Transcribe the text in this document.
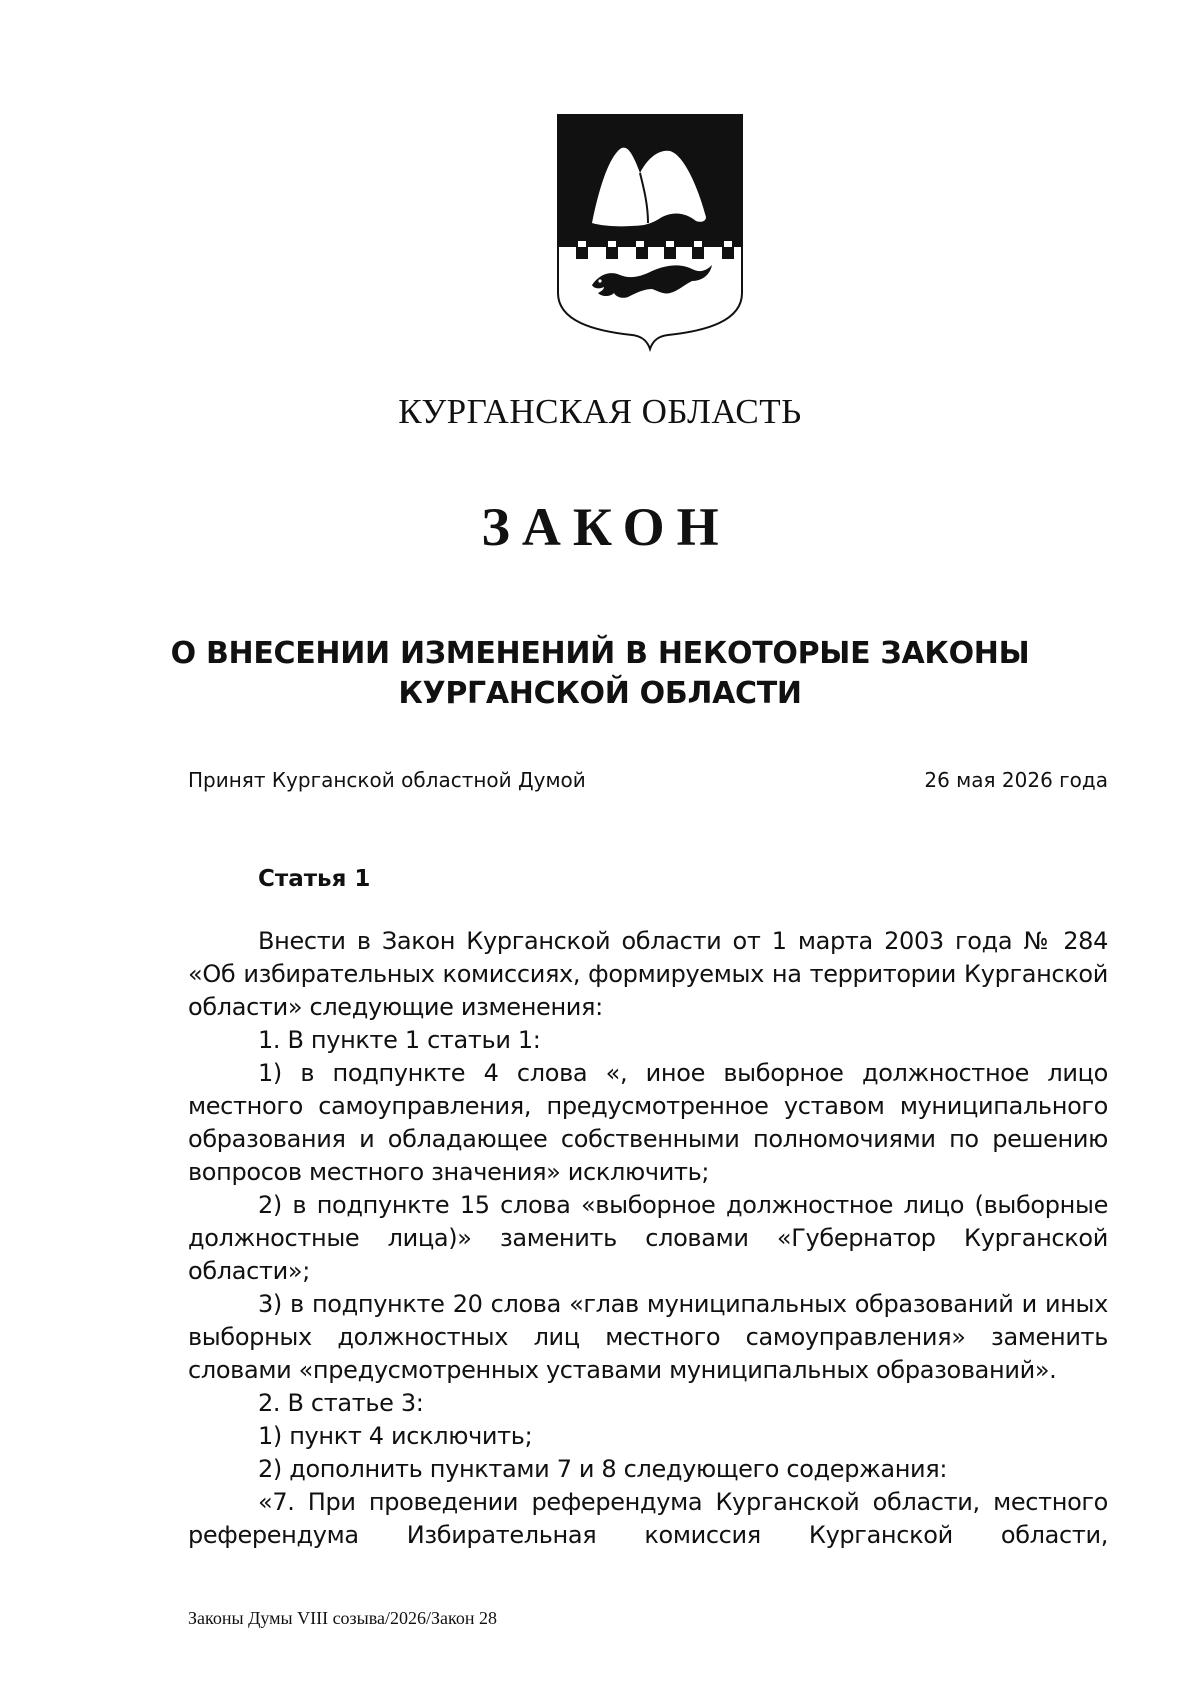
КУРГАНСКАЯ ОБЛАСТЬ
ЗАКОН
О ВНЕСЕНИИ ИЗМЕНЕНИЙ В НЕКОТОРЫЕ ЗАКОНЫ
КУРГАНСКОЙ ОБЛАСТИ
Принят Курганской областной Думой	26 мая 2026 года
Статья 1

Внести в Закон Курганской области от 1 марта 2003 года № 284 «Об избирательных комиссиях, формируемых на территории Курганской области» следующие изменения:

1. В пункте 1 статьи 1:

1) в подпункте 4 слова «, иное выборное должностное лицо местного самоуправления, предусмотренное уставом муниципального образования и обладающее собственными полномочиями по решению вопросов местного значения» исключить;

2) в подпункте 15 слова «выборное должностное лицо (выборные должностные лица)» заменить словами «Губернатор Курганской области»;

3) в подпункте 20 слова «глав муниципальных образований и иных выборных должностных лиц местного самоуправления» заменить словами «предусмотренных уставами муниципальных образований».

2. В статье 3:

1) пункт 4 исключить;

2) дополнить пунктами 7 и 8 следующего содержания:

«7. При проведении референдума Курганской области, местного референдума Избирательная комиссия Курганской области,

Законы Думы VIII созыва/2026/Закон 28
